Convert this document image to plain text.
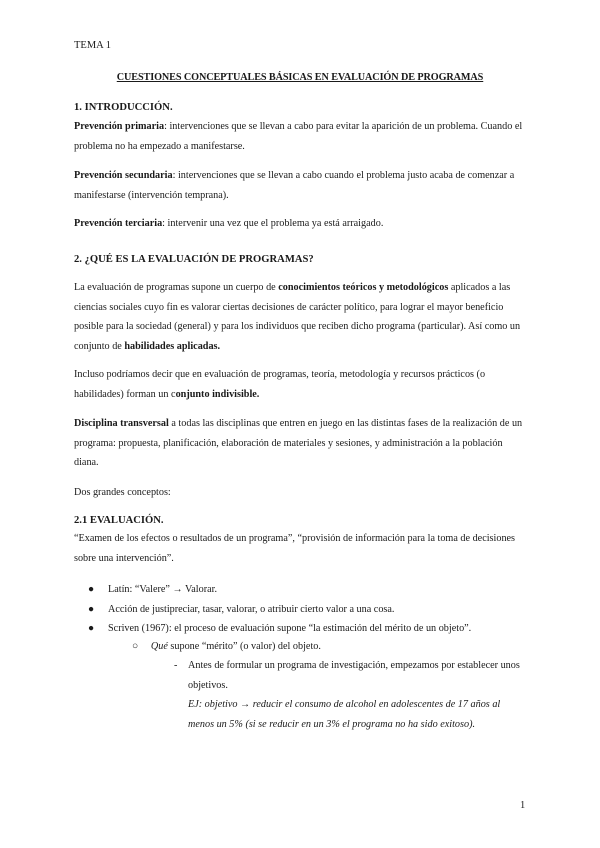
TEMA 1
CUESTIONES CONCEPTUALES BÁSICAS EN EVALUACIÓN DE PROGRAMAS
1. INTRODUCCIÓN.
Prevención primaria: intervenciones que se llevan a cabo para evitar la aparición de un problema. Cuando el problema no ha empezado a manifestarse.
Prevención secundaria: intervenciones que se llevan a cabo cuando el problema justo acaba de comenzar a manifestarse (intervención temprana).
Prevención terciaria: intervenir una vez que el problema ya está arraigado.
2. ¿QUÉ ES LA EVALUACIÓN DE PROGRAMAS?
La evaluación de programas supone un cuerpo de conocimientos teóricos y metodológicos aplicados a las ciencias sociales cuyo fin es valorar ciertas decisiones de carácter político, para lograr el mayor beneficio posible para la sociedad (general) y para los individuos que reciben dicho programa (particular). Así como un conjunto de habilidades aplicadas.
Incluso podríamos decir que en evaluación de programas, teoría, metodología y recursos prácticos (o habilidades) forman un conjunto indivisible.
Disciplina transversal a todas las disciplinas que entren en juego en las distintas fases de la realización de un programa: propuesta, planificación, elaboración de materiales y sesiones, y administración a la población diana.
Dos grandes conceptos:
2.1 EVALUACIÓN.
“Examen de los efectos o resultados de un programa”, “provisión de información para la toma de decisiones sobre una intervención”.
● Latín: “Valere” → Valorar.
● Acción de justipreciar, tasar, valorar, o atribuir cierto valor a una cosa.
● Scriven (1967): el proceso de evaluación supone “la estimación del mérito de un objeto”.
○ Qué supone “mérito” (o valor) del objeto.
- Antes de formular un programa de investigación, empezamos por establecer unos objetivos.
EJ: objetivo → reducir el consumo de alcohol en adolescentes de 17 años al menos un 5% (si se reducir en un 3% el programa no ha sido exitoso).
1
